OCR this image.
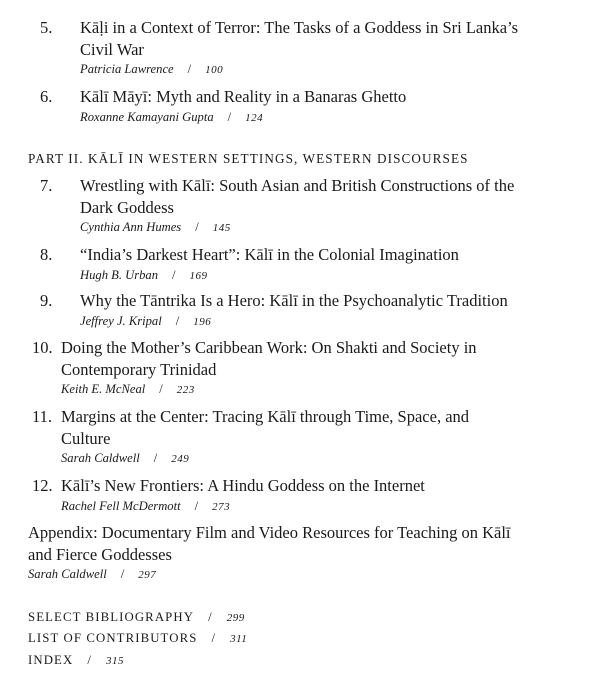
5. Kāḷi in a Context of Terror: The Tasks of a Goddess in Sri Lanka’s
Civil War
Patricia Lawrence / 100
6. Kālī Māyī: Myth and Reality in a Banaras Ghetto
Roxanne Kamayani Gupta / 124
PART II. KĀLĪ IN WESTERN SETTINGS, WESTERN DISCOURSES
7. Wrestling with Kālī: South Asian and British Constructions of the
Dark Goddess
Cynthia Ann Humes / 145
8. “India’s Darkest Heart”: Kālī in the Colonial Imagination
Hugh B. Urban / 169
9. Why the Tāntrika Is a Hero: Kālī in the Psychoanalytic Tradition
Jeffrey J. Kripal / 196
10. Doing the Mother’s Caribbean Work: On Shakti and Society in
Contemporary Trinidad
Keith E. McNeal / 223
11. Margins at the Center: Tracing Kālī through Time, Space, and
Culture
Sarah Caldwell / 249
12. Kālī’s New Frontiers: A Hindu Goddess on the Internet
Rachel Fell McDermott / 273
Appendix: Documentary Film and Video Resources for Teaching on Kālī
and Fierce Goddesses
Sarah Caldwell / 297
SELECT BIBLIOGRAPHY / 299
LIST OF CONTRIBUTORS / 311
INDEX / 315
